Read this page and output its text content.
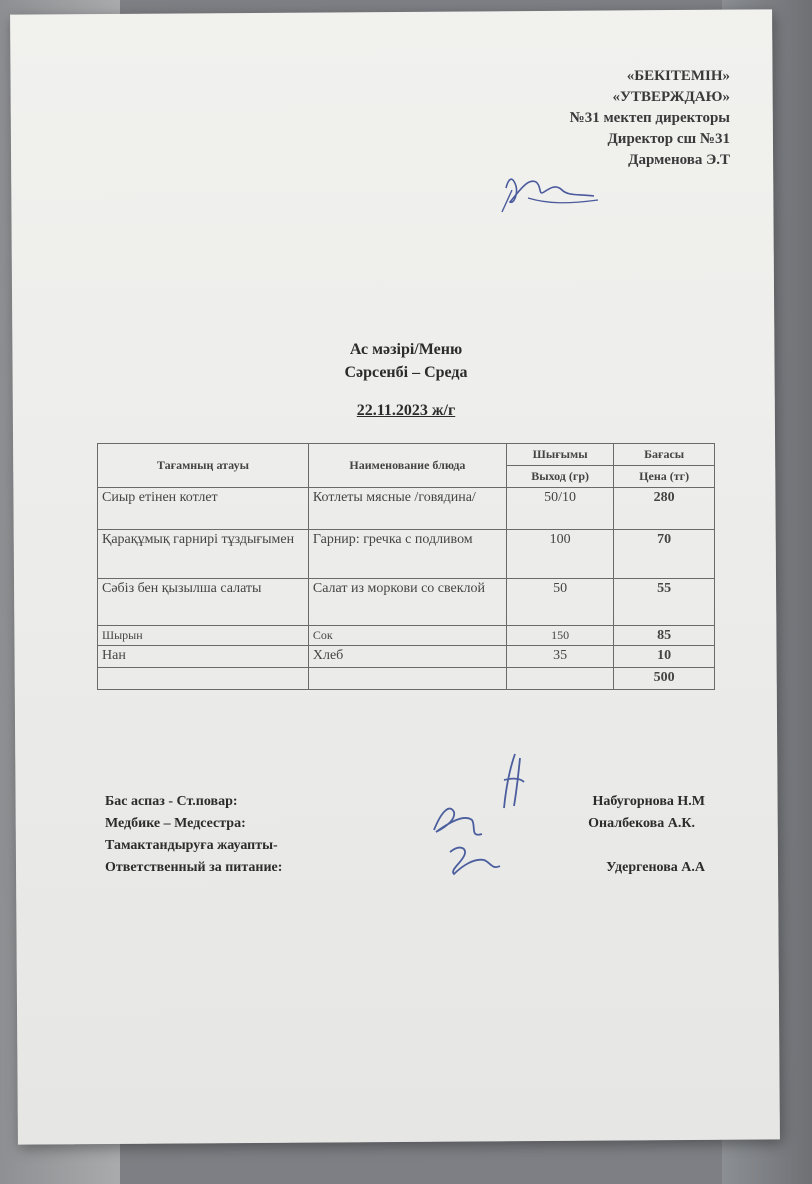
«БЕКІТЕМІН»
«УТВЕРЖДАЮ»
№31 мектеп директоры
Директор сш №31
Дарменова Э.Т
Ас мәзірі/Меню
Сәрсенбі – Среда
22.11.2023 ж/г
Тағамның атауы	Наименование блюда	Шығымы	Бағасы
		Выход (гр)	Цена (тг)
Сиыр етінен котлет	Котлеты мясные /говядина/	50/10	280
Қарақұмық гарнирі тұздығымен	Гарнир: гречка с подливом	100	70
Сәбіз бен қызылша салаты	Салат из моркови со свеклой	50	55
Шырын	Сок	150	85
Нан	Хлеб	35	10
			500
Бас аспаз - Ст.повар:	Набугорнова Н.М
Медбике – Медсестра:	Оналбекова А.К.
Тамактандыруға жауапты-
Ответственный за питание:	Удергенова А.А
